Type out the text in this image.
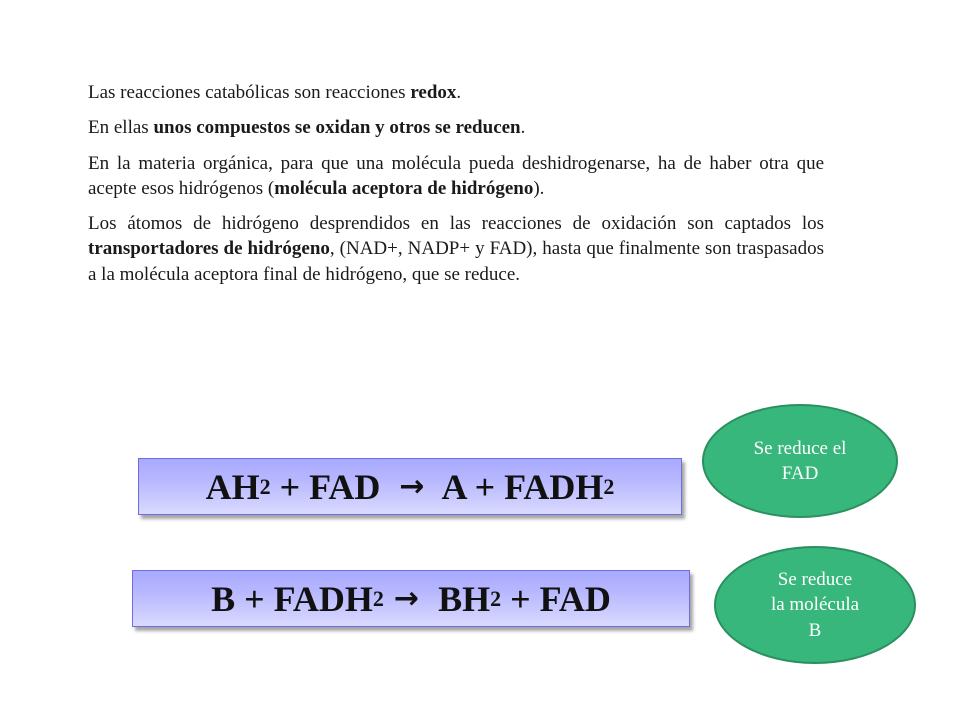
Las reacciones catabólicas son reacciones redox.

En ellas unos compuestos se oxidan y otros se reducen.

En la materia orgánica, para que una molécula pueda deshidrogenarse, ha de haber otra que acepte esos hidrógenos (molécula aceptora de hidrógeno).

Los átomos de hidrógeno desprendidos en las reacciones de oxidación son captados los transportadores de hidrógeno, (NAD+, NADP+ y FAD), hasta que finalmente son traspasados a la molécula aceptora final de hidrógeno, que se reduce.

AH 2 + FAD → A + FADH 2
B + FADH 2 → BH 2 + FAD
Se reduce el
FAD
Se reduce
la molécula
B
